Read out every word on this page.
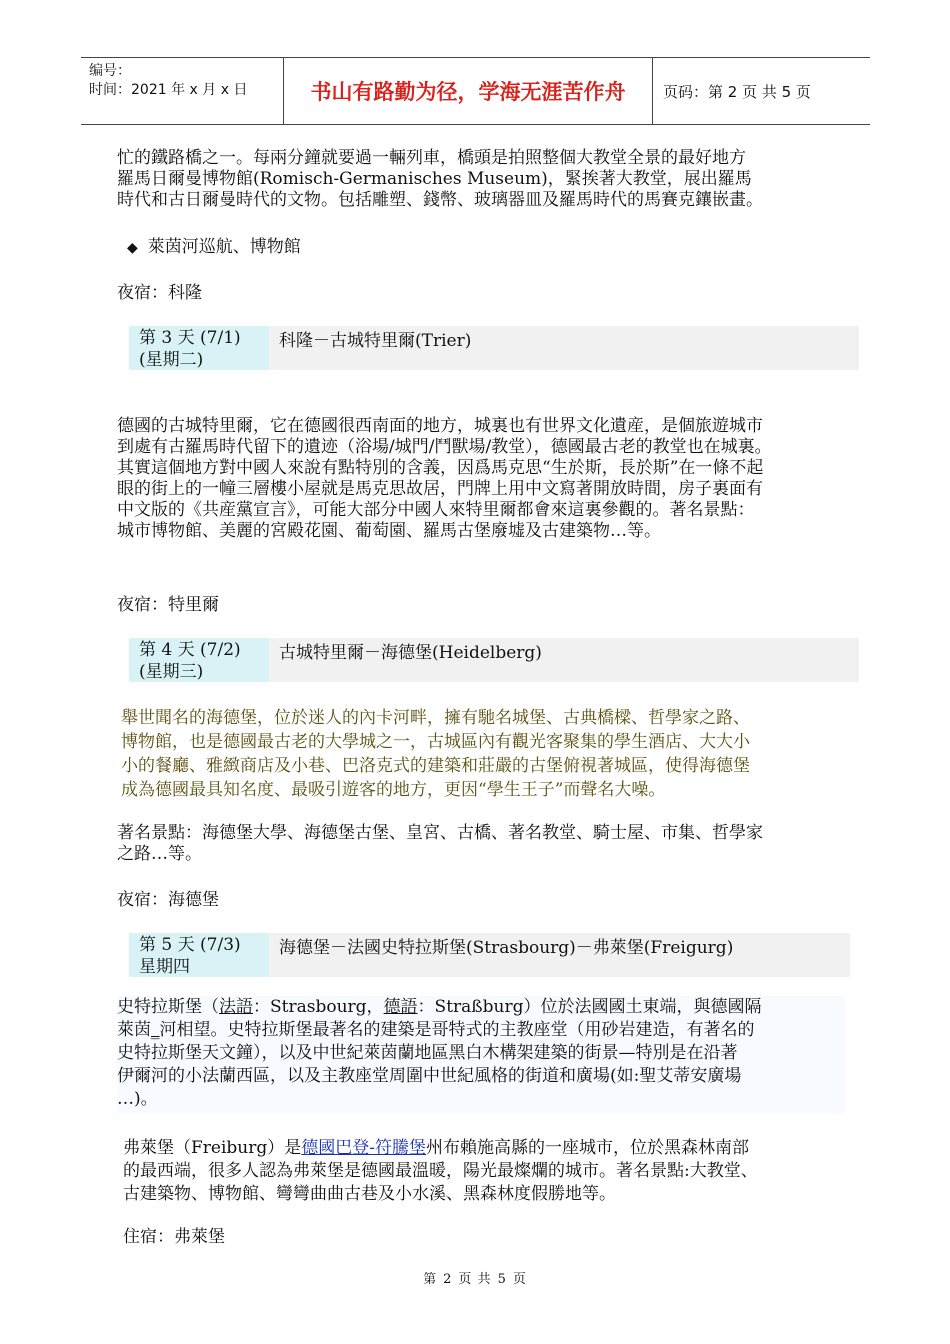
编号：
时间：2021 年 x 月 x 日	书山有路勤为径，学海无涯苦作舟	页码：第 2 页 共 5 页
忙的鐵路橋之一。每兩分鐘就要過一輛列車，橋頭是拍照整個大教堂全景的最好地方
羅馬日爾曼博物館(Romisch-Germanisches Museum)，緊挨著大教堂，展出羅馬
時代和古日爾曼時代的文物。包括雕塑、錢幣、玻璃器皿及羅馬時代的馬賽克鑲嵌畫。
◆ 萊茵河巡航、博物館
夜宿：科隆
第 3 天 (7/1)
(星期二)
科隆－古城特里爾(Trier)
德國的古城特里爾，它在德國很西南面的地方，城裏也有世界文化遺産，是個旅遊城市
到處有古羅馬時代留下的遺迹（浴場/城門/鬥獸場/教堂），德國最古老的教堂也在城裏。
其實這個地方對中國人來說有點特別的含義，因爲馬克思“生於斯，長於斯”在一條不起
眼的街上的一幢三層樓小屋就是馬克思故居，門牌上用中文寫著開放時間，房子裏面有
中文版的《共産黨宣言》，可能大部分中國人來特里爾都會來這裏參觀的。著名景點：
城市博物館、美麗的宮殿花園、葡萄園、羅馬古堡廢墟及古建築物…等。
夜宿：特里爾
第 4 天 (7/2)
(星期三)
古城特里爾－海德堡(Heidelberg)
舉世聞名的海德堡，位於迷人的內卡河畔，擁有馳名城堡、古典橋樑、哲學家之路、
博物館，也是德國最古老的大學城之一，古城區內有觀光客聚集的學生酒店、大大小
小的餐廳、雅緻商店及小巷、巴洛克式的建築和莊嚴的古堡俯視著城區，使得海德堡
成為德國最具知名度、最吸引遊客的地方，更因“學生王子”而聲名大噪。
著名景點：海德堡大學、海德堡古堡、皇宮、古橋、著名教堂、騎士屋、市集、哲學家
之路…等。
夜宿：海德堡
第 5 天 (7/3)
星期四
海德堡－法國史特拉斯堡(Strasbourg)－弗萊堡(Freigurg)
史特拉斯堡（法語：Strasbourg，德語：Straßburg）位於法國國土東端，與德國隔
萊茵_河相望。史特拉斯堡最著名的建築是哥特式的主教座堂（用砂岩建造，有著名的
史特拉斯堡天文鐘），以及中世紀萊茵蘭地區黑白木構架建築的街景—特別是在沿著
伊爾河的小法蘭西區，以及主教座堂周圍中世紀風格的街道和廣場(如:聖艾蒂安廣場
…)。
弗萊堡（Freiburg）是德國巴登-符騰堡州布賴施高縣的一座城市，位於黑森林南部
的最西端，很多人認為弗萊堡是德國最溫暖，陽光最燦爛的城市。著名景點:大教堂、
古建築物、博物館、彎彎曲曲古巷及小水溪、黑森林度假勝地等。
住宿：弗萊堡
第 2 页 共 5 页
